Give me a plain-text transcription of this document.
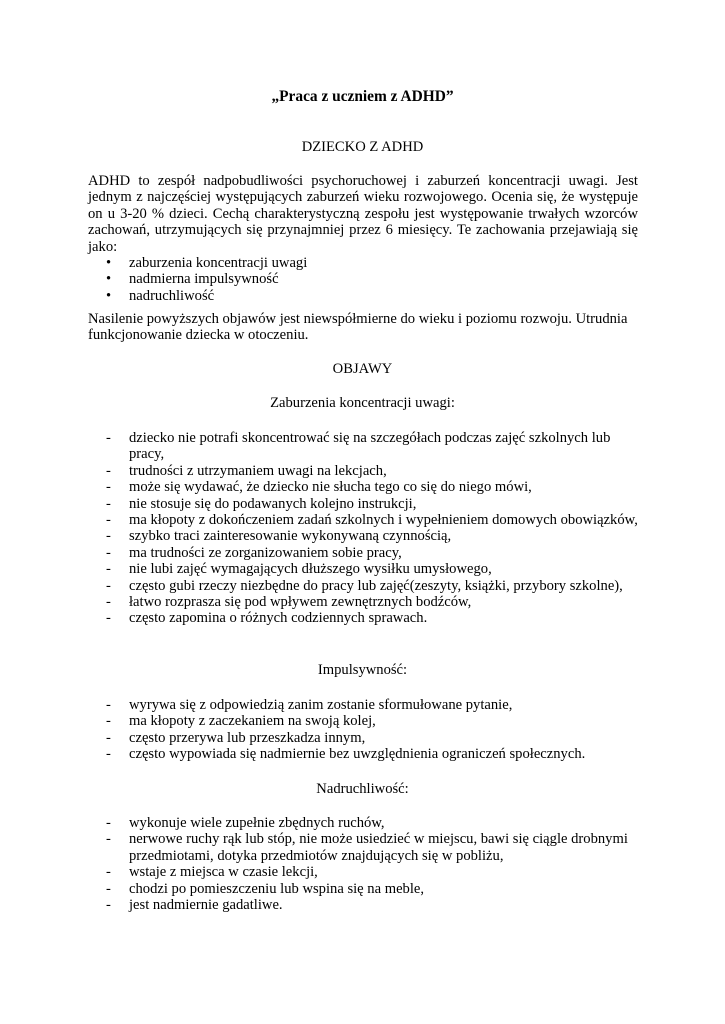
„Praca z uczniem z ADHD”
DZIECKO Z ADHD

ADHD to zespół nadpobudliwości psychoruchowej i zaburzeń koncentracji uwagi. Jest jednym z najczęściej występujących zaburzeń wieku rozwojowego. Ocenia się, że występuje on u 3-20 % dzieci. Cechą charakterystyczną zespołu jest występowanie trwałych wzorców zachowań, utrzymujących się przynajmniej przez 6 miesięcy. Te zachowania przejawiają się jako:

• zaburzenia koncentracji uwagi
• nadmierna impulsywność
• nadruchliwość

Nasilenie powyższych objawów jest niewspółmierne do wieku i poziomu rozwoju. Utrudnia funkcjonowanie dziecka w otoczeniu.

OBJAWY
Zaburzenia koncentracji uwagi:
- dziecko nie potrafi skoncentrować się na szczegółach podczas zajęć szkolnych lub pracy,
- trudności z utrzymaniem uwagi na lekcjach,
- może się wydawać, że dziecko nie słucha tego co się do niego mówi,
- nie stosuje się do podawanych kolejno instrukcji,
- ma kłopoty z dokończeniem zadań szkolnych i wypełnieniem domowych obowiązków,
- szybko traci zainteresowanie wykonywaną czynnością,
- ma trudności ze zorganizowaniem sobie pracy,
- nie lubi zajęć wymagających dłuższego wysiłku umysłowego,
- często gubi rzeczy niezbędne do pracy lub zajęć(zeszyty, książki, przybory szkolne),
- łatwo rozprasza się pod wpływem zewnętrznych bodźców,
- często zapomina o różnych codziennych sprawach.
Impulsywność:
- wyrywa się z odpowiedzią zanim zostanie sformułowane pytanie,
- ma kłopoty z zaczekaniem na swoją kolej,
- często przerywa lub przeszkadza innym,
- często wypowiada się nadmiernie bez uwzględnienia ograniczeń społecznych.
Nadruchliwość:
- wykonuje wiele zupełnie zbędnych ruchów,
- nerwowe ruchy rąk lub stóp, nie może usiedzieć w miejscu, bawi się ciągle drobnymi przedmiotami, dotyka przedmiotów znajdujących się w pobliżu,
- wstaje z miejsca w czasie lekcji,
- chodzi po pomieszczeniu lub wspina się na meble,
- jest nadmiernie gadatliwe.
